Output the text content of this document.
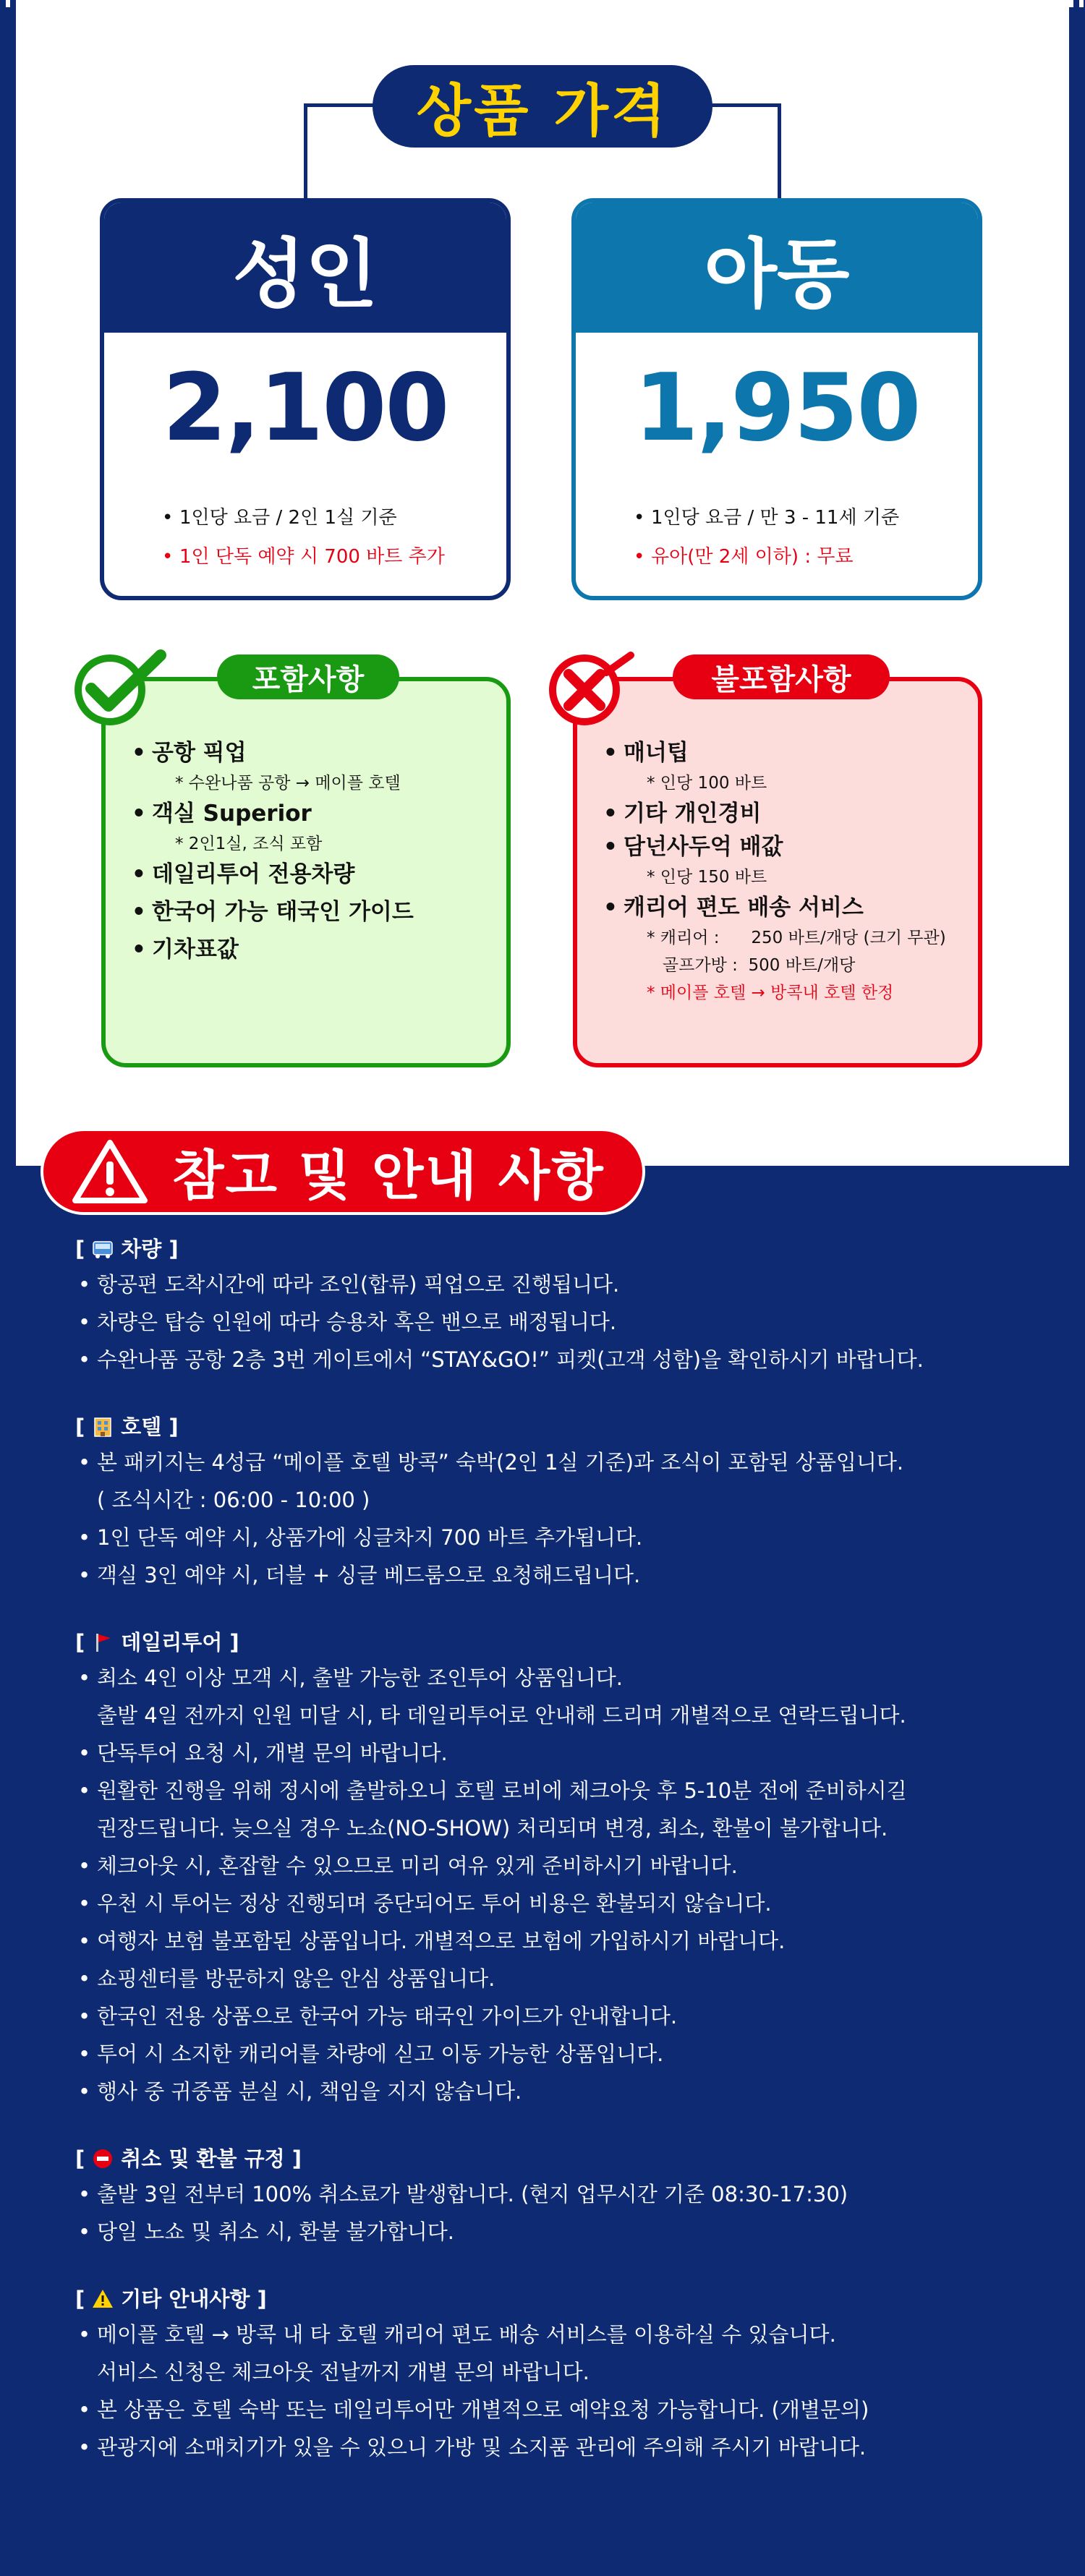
상품 가격
성인
2,100
• 1인당 요금 / 2인 1실 기준
• 1인 단독 예약 시 700 바트 추가
아동
1,950
• 1인당 요금 / 만 3 - 11세 기준
• 유아(만 2세 이하) : 무료
• 공항 픽업
* 수완나품 공항 → 메이플 호텔
• 객실 Superior
* 2인1실, 조식 포함
• 데일리투어 전용차량
• 한국어 가능 태국인 가이드
• 기차표값
포함사항
• 매너팁
* 인당 100 바트
• 기타 개인경비
• 담넌사두억 배값
* 인당 150 바트
• 캐리어 편도 배송 서비스
* 캐리어 :      250 바트/개당 (크기 무관)
골프가방 :  500 바트/개당
* 메이플 호텔 → 방콕내 호텔 한정
불포함사항
참고 및 안내 사항
[ 차량 ]
• 항공편 도착시간에 따라 조인(합류) 픽업으로 진행됩니다.
• 차량은 탑승 인원에 따라 승용차 혹은 밴으로 배정됩니다.
• 수완나품 공항 2층 3번 게이트에서 “STAY&GO!” 피켓(고객 성함)을 확인하시기 바랍니다.
[ 호텔 ]
• 본 패키지는 4성급 “메이플 호텔 방콕” 숙박(2인 1실 기준)과 조식이 포함된 상품입니다.
( 조식시간 : 06:00 - 10:00 )
• 1인 단독 예약 시, 상품가에 싱글차지 700 바트 추가됩니다.
• 객실 3인 예약 시, 더블 + 싱글 베드룸으로 요청해드립니다.
[ 데일리투어 ]
• 최소 4인 이상 모객 시, 출발 가능한 조인투어 상품입니다.
출발 4일 전까지 인원 미달 시, 타 데일리투어로 안내해 드리며 개별적으로 연락드립니다.
• 단독투어 요청 시, 개별 문의 바랍니다.
• 원활한 진행을 위해 정시에 출발하오니 호텔 로비에 체크아웃 후 5-10분 전에 준비하시길
권장드립니다. 늦으실 경우 노쇼(NO-SHOW) 처리되며 변경, 최소, 환불이 불가합니다.
• 체크아웃 시, 혼잡할 수 있으므로 미리 여유 있게 준비하시기 바랍니다.
• 우천 시 투어는 정상 진행되며 중단되어도 투어 비용은 환불되지 않습니다.
• 여행자 보험 불포함된 상품입니다. 개별적으로 보험에 가입하시기 바랍니다.
• 쇼핑센터를 방문하지 않은 안심 상품입니다.
• 한국인 전용 상품으로 한국어 가능 태국인 가이드가 안내합니다.
• 투어 시 소지한 캐리어를 차량에 싣고 이동 가능한 상품입니다.
• 행사 중 귀중품 분실 시, 책임을 지지 않습니다.
[ 취소 및 환불 규정 ]
• 출발 3일 전부터 100% 취소료가 발생합니다. (현지 업무시간 기준 08:30-17:30)
• 당일 노쇼 및 취소 시, 환불 불가합니다.
[ 기타 안내사항 ]
• 메이플 호텔 → 방콕 내 타 호텔 캐리어 편도 배송 서비스를 이용하실 수 있습니다.
서비스 신청은 체크아웃 전날까지 개별 문의 바랍니다.
• 본 상품은 호텔 숙박 또는 데일리투어만 개별적으로 예약요청 가능합니다. (개별문의)
• 관광지에 소매치기가 있을 수 있으니 가방 및 소지품 관리에 주의해 주시기 바랍니다.
